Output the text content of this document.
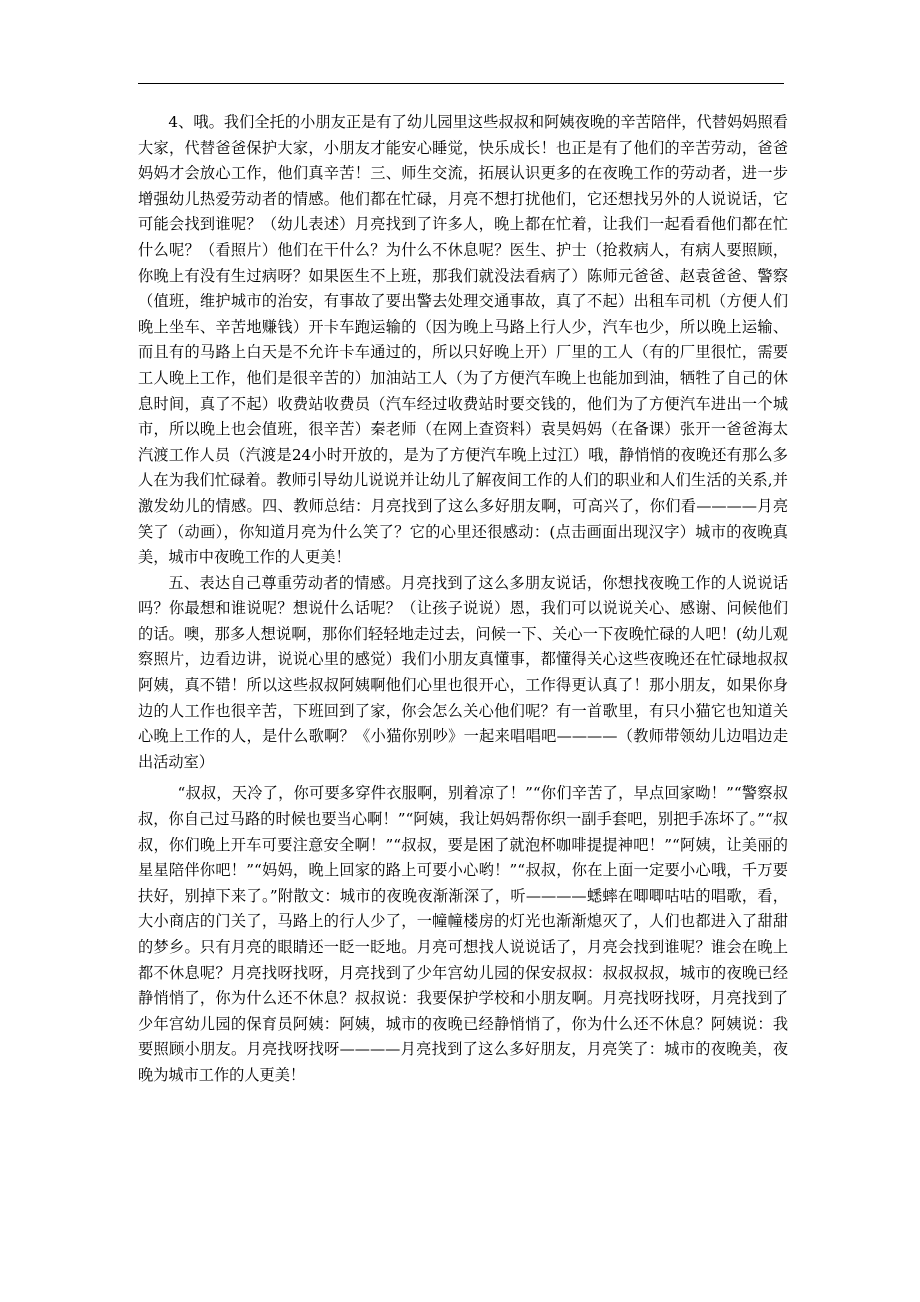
4、哦。我们全托的小朋友正是有了幼儿园里这些叔叔和阿姨夜晚的辛苦陪伴，代替妈妈照看大家，代替爸爸保护大家，小朋友才能安心睡觉，快乐成长！也正是有了他们的辛苦劳动，爸爸妈妈才会放心工作，他们真辛苦！三、师生交流，拓展认识更多的在夜晚工作的劳动者，进一步增强幼儿热爱劳动者的情感。他们都在忙碌，月亮不想打扰他们，它还想找另外的人说说话，它可能会找到谁呢？（幼儿表述）月亮找到了许多人，晚上都在忙着，让我们一起看看他们都在忙什么呢？（看照片）他们在干什么？为什么不休息呢？医生、护士（抢救病人，有病人要照顾，你晚上有没有生过病呀？如果医生不上班，那我们就没法看病了）陈师元爸爸、赵袁爸爸、警察（值班，维护城市的治安，有事故了要出警去处理交通事故，真了不起）出租车司机（方便人们晚上坐车、辛苦地赚钱）开卡车跑运输的（因为晚上马路上行人少，汽车也少，所以晚上运输、而且有的马路上白天是不允许卡车通过的，所以只好晚上开）厂里的工人（有的厂里很忙，需要工人晚上工作，他们是很辛苦的）加油站工人（为了方便汽车晚上也能加到油，牺牲了自己的休息时间，真了不起）收费站收费员（汽车经过收费站时要交钱的，他们为了方便汽车进出一个城市，所以晚上也会值班，很辛苦）秦老师（在网上查资料）袁昊妈妈（在备课）张开一爸爸海太汽渡工作人员（汽渡是24小时开放的，是为了方便汽车晚上过江）哦，静悄悄的夜晚还有那么多人在为我们忙碌着。教师引导幼儿说说并让幼儿了解夜间工作的人们的职业和人们生活的关系,并激发幼儿的情感。四、教师总结：月亮找到了这么多好朋友啊，可高兴了，你们看————月亮笑了（动画），你知道月亮为什么笑了？它的心里还很感动：(点击画面出现汉字）城市的夜晚真美，城市中夜晚工作的人更美！

五、表达自己尊重劳动者的情感。月亮找到了这么多朋友说话，你想找夜晚工作的人说说话吗？你最想和谁说呢？想说什么话呢？（让孩子说说）恩，我们可以说说关心、感谢、问候他们的话。噢，那多人想说啊，那你们轻轻地走过去，问候一下、关心一下夜晚忙碌的人吧！(幼儿观察照片，边看边讲，说说心里的感觉）我们小朋友真懂事，都懂得关心这些夜晚还在忙碌地叔叔阿姨，真不错！所以这些叔叔阿姨啊他们心里也很开心，工作得更认真了！那小朋友，如果你身边的人工作也很辛苦，下班回到了家，你会怎么关心他们呢？有一首歌里，有只小猫它也知道关心晚上工作的人，是什么歌啊？《小猫你别吵》一起来唱唱吧————（教师带领幼儿边唱边走出活动室）

“叔叔，天冷了，你可要多穿件衣服啊，别着凉了！”“你们辛苦了，早点回家呦！”“警察叔叔，你自己过马路的时候也要当心啊！”“阿姨，我让妈妈帮你织一副手套吧，别把手冻坏了。”“叔叔，你们晚上开车可要注意安全啊！”“叔叔，要是困了就泡杯咖啡提提神吧！”“阿姨，让美丽的星星陪伴你吧！”“妈妈，晚上回家的路上可要小心哟！”“叔叔，你在上面一定要小心哦，千万要扶好，别掉下来了。”附散文：城市的夜晚夜渐渐深了，听————蟋蟀在唧唧咕咕的唱歌，看，大小商店的门关了，马路上的行人少了，一幢幢楼房的灯光也渐渐熄灭了，人们也都进入了甜甜的梦乡。只有月亮的眼睛还一眨一眨地。月亮可想找人说说话了，月亮会找到谁呢？谁会在晚上都不休息呢？月亮找呀找呀，月亮找到了少年宫幼儿园的保安叔叔：叔叔叔叔，城市的夜晚已经静悄悄了，你为什么还不休息？叔叔说：我要保护学校和小朋友啊。月亮找呀找呀，月亮找到了少年宫幼儿园的保育员阿姨：阿姨，城市的夜晚已经静悄悄了，你为什么还不休息？阿姨说：我要照顾小朋友。月亮找呀找呀————月亮找到了这么多好朋友，月亮笑了：城市的夜晚美，夜晚为城市工作的人更美！
